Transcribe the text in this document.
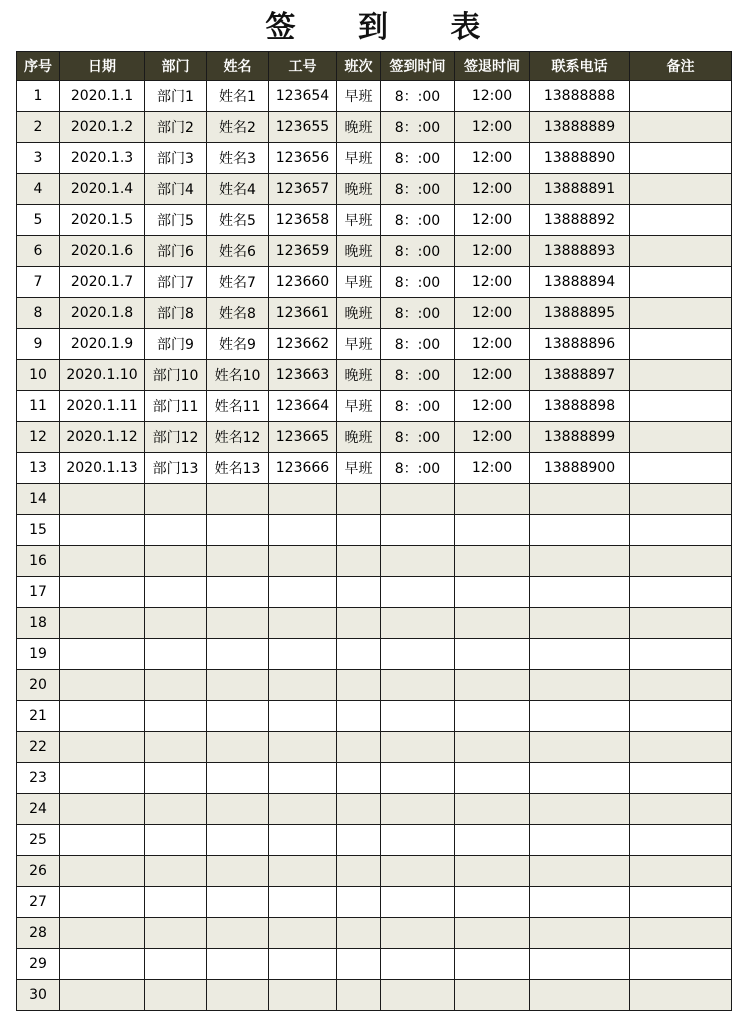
签 到 表
序号	日期	部门	姓名	工号	班次	签到时间	签退时间	联系电话	备注
1	2020.1.1	部门1	姓名1	123654	早班	8：:00	12:00	13888888	
2	2020.1.2	部门2	姓名2	123655	晚班	8：:00	12:00	13888889	
3	2020.1.3	部门3	姓名3	123656	早班	8：:00	12:00	13888890	
4	2020.1.4	部门4	姓名4	123657	晚班	8：:00	12:00	13888891	
5	2020.1.5	部门5	姓名5	123658	早班	8：:00	12:00	13888892	
6	2020.1.6	部门6	姓名6	123659	晚班	8：:00	12:00	13888893	
7	2020.1.7	部门7	姓名7	123660	早班	8：:00	12:00	13888894	
8	2020.1.8	部门8	姓名8	123661	晚班	8：:00	12:00	13888895	
9	2020.1.9	部门9	姓名9	123662	早班	8：:00	12:00	13888896	
10	2020.1.10	部门10	姓名10	123663	晚班	8：:00	12:00	13888897	
11	2020.1.11	部门11	姓名11	123664	早班	8：:00	12:00	13888898	
12	2020.1.12	部门12	姓名12	123665	晚班	8：:00	12:00	13888899	
13	2020.1.13	部门13	姓名13	123666	早班	8：:00	12:00	13888900	
14									
15									
16									
17									
18									
19									
20									
21									
22									
23									
24									
25									
26									
27									
28									
29									
30									
